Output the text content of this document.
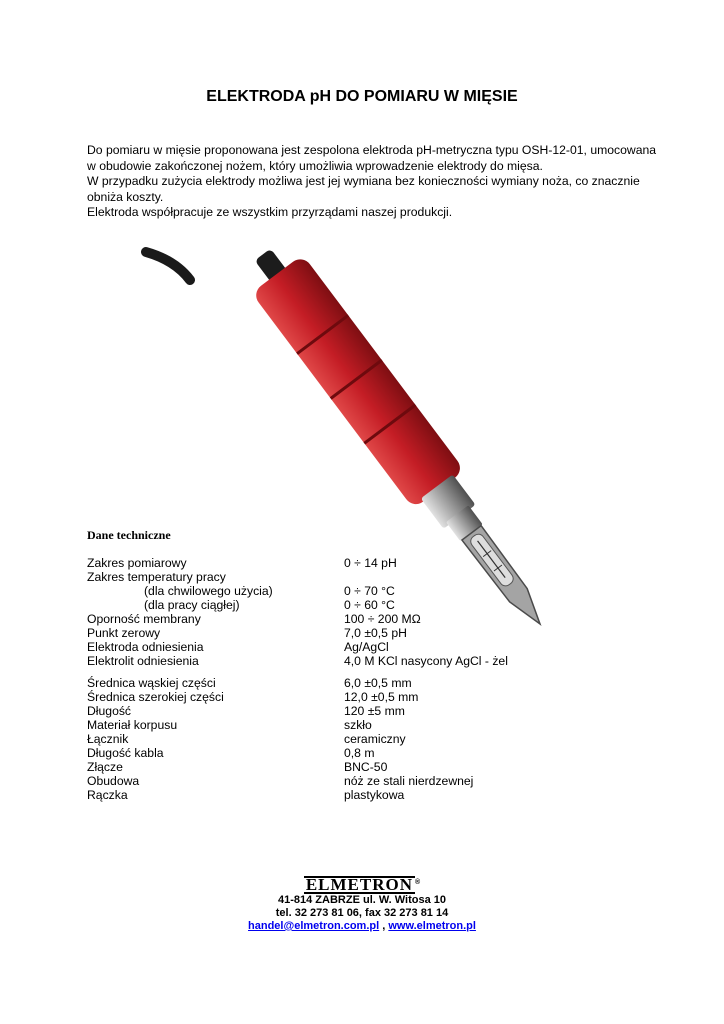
ELEKTRODA pH DO POMIARU W MIĘSIE

Do pomiaru w mięsie proponowana jest zespolona elektroda pH-metryczna typu OSH-12-01, umocowana w obudowie zakończonej nożem, który umożliwia wprowadzenie elektrody do mięsa.

W przypadku zużycia elektrody możliwa jest jej wymiana bez konieczności wymiany noża, co znacznie obniża koszty.

Elektroda współpracuje ze wszystkim przyrządami naszej produkcji.

Dane techniczne
Zakres pomiarowy	0 ÷ 14 pH
Zakres temperatury pracy
(dla chwilowego użycia)	0 ÷ 70 °C
(dla pracy ciągłej)	0 ÷ 60 °C
Oporność membrany	100 ÷ 200 MΩ
Punkt zerowy	7,0 ±0,5 pH
Elektroda odniesienia	Ag/AgCl
Elektrolit odniesienia	4,0 M KCl nasycony AgCl - żel
Średnica wąskiej części	6,0 ±0,5 mm
Średnica szerokiej części	12,0 ±0,5 mm
Długość	120 ±5 mm
Materiał korpusu	szkło
Łącznik	ceramiczny
Długość kabla	0,8 m
Złącze	BNC-50
Obudowa	nóż ze stali nierdzewnej
Rączka	plastykowa
ELMETRON ®
41-814 ZABRZE ul. W. Witosa 10
tel. 32 273 81 06, fax 32 273 81 14
handel@elmetron.com.pl , www.elmetron.pl
